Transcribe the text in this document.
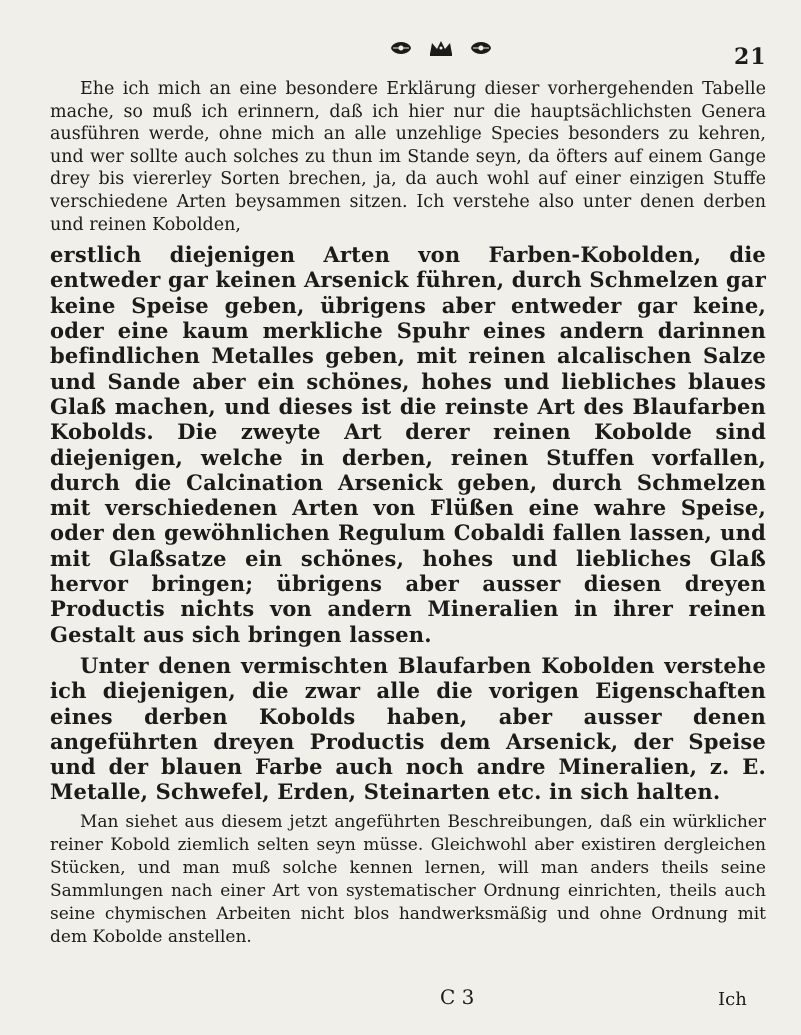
21

Ehe ich mich an eine besondere Erklärung dieser vorhergehenden Tabelle mache, so muß ich erinnern, daß ich hier nur die hauptsächlichsten Genera ausführen werde, ohne mich an alle unzehlige Species besonders zu kehren, und wer sollte auch solches zu thun im Stande seyn, da öfters auf einem Gange drey bis viererley Sorten brechen, ja, da auch wohl auf einer einzigen Stuffe verschiedene Arten beysammen sitzen. Ich verstehe also unter denen derben und reinen Kobolden,

erstlich diejenigen Arten von Farben-Kobolden, die entweder gar keinen Arsenick führen, durch Schmelzen gar keine Speise geben, übrigens aber entweder gar keine, oder eine kaum merkliche Spuhr eines andern darinnen befindlichen Metalles geben, mit reinen alcalischen Salze und Sande aber ein schönes, hohes und liebliches blaues Glaß machen, und dieses ist die reinste Art des Blaufarben Kobolds. Die zweyte Art derer reinen Kobolde sind diejenigen, welche in derben, reinen Stuffen vorfallen, durch die Calcination Arsenick geben, durch Schmelzen mit verschiedenen Arten von Flüßen eine wahre Speise, oder den gewöhnlichen Regulum Cobaldi fallen lassen, und mit Glaßsatze ein schönes, hohes und liebliches Glaß hervor bringen; übrigens aber ausser diesen dreyen Productis nichts von andern Mineralien in ihrer reinen Gestalt aus sich bringen lassen.

Unter denen vermischten Blaufarben Kobolden verstehe ich diejenigen, die zwar alle die vorigen Eigenschaften eines derben Kobolds haben, aber ausser denen angeführten dreyen Productis dem Arsenick, der Speise und der blauen Farbe auch noch andre Mineralien, z. E. Metalle, Schwefel, Erden, Steinarten etc. in sich halten.

Man siehet aus diesem jetzt angeführten Beschreibungen, daß ein würklicher reiner Kobold ziemlich selten seyn müsse. Gleichwohl aber existiren dergleichen Stücken, und man muß solche kennen lernen, will man anders theils seine Sammlungen nach einer Art von systematischer Ordnung einrichten, theils auch seine chymischen Arbeiten nicht blos handwerksmäßig und ohne Ordnung mit dem Kobolde anstellen.

C 3	Ich
